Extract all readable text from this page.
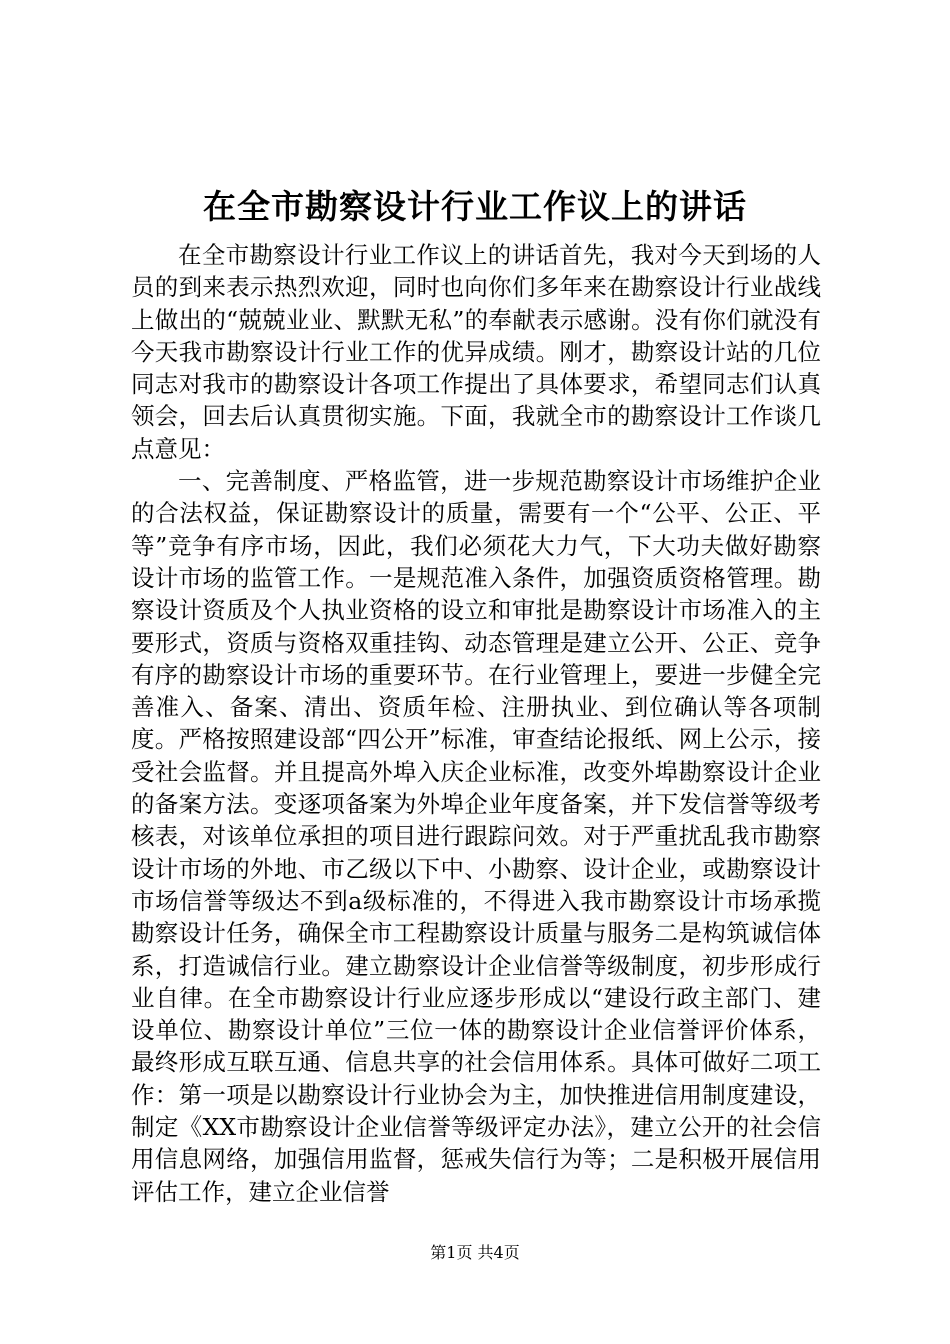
在全市勘察设计行业工作议上的讲话

在全市勘察设计行业工作议上的讲话首先，我对今天到场的人员的到来表示热烈欢迎，同时也向你们多年来在勘察设计行业战线上做出的“兢兢业业、默默无私”的奉献表示感谢。没有你们就没有今天我市勘察设计行业工作的优异成绩。刚才，勘察设计站的几位同志对我市的勘察设计各项工作提出了具体要求，希望同志们认真领会，回去后认真贯彻实施。下面，我就全市的勘察设计工作谈几点意见：

一、完善制度、严格监管，进一步规范勘察设计市场维护企业的合法权益，保证勘察设计的质量，需要有一个“公平、公正、平等”竞争有序市场，因此，我们必须花大力气，下大功夫做好勘察设计市场的监管工作。一是规范准入条件，加强资质资格管理。勘察设计资质及个人执业资格的设立和审批是勘察设计市场准入的主要形式，资质与资格双重挂钩、动态管理是建立公开、公正、竞争有序的勘察设计市场的重要环节。在行业管理上，要进一步健全完善准入、备案、清出、资质年检、注册执业、到位确认等各项制度。严格按照建设部“四公开”标准，审查结论报纸、网上公示，接受社会监督。并且提高外埠入庆企业标准，改变外埠勘察设计企业的备案方法。变逐项备案为外埠企业年度备案，并下发信誉等级考核表，对该单位承担的项目进行跟踪问效。对于严重扰乱我市勘察设计市场的外地、市乙级以下中、小勘察、设计企业，或勘察设计市场信誉等级达不到a级标准的，不得进入我市勘察设计市场承揽勘察设计任务，确保全市工程勘察设计质量与服务二是构筑诚信体系，打造诚信行业。建立勘察设计企业信誉等级制度，初步形成行业自律。在全市勘察设计行业应逐步形成以“建设行政主部门、建设单位、勘察设计单位”三位一体的勘察设计企业信誉评价体系，最终形成互联互通、信息共享的社会信用体系。具体可做好二项工作：第一项是以勘察设计行业协会为主，加快推进信用制度建设，制定《XX市勘察设计企业信誉等级评定办法》，建立公开的社会信用信息网络，加强信用监督，惩戒失信行为等；二是积极开展信用评估工作，建立企业信誉

第1页 共4页
